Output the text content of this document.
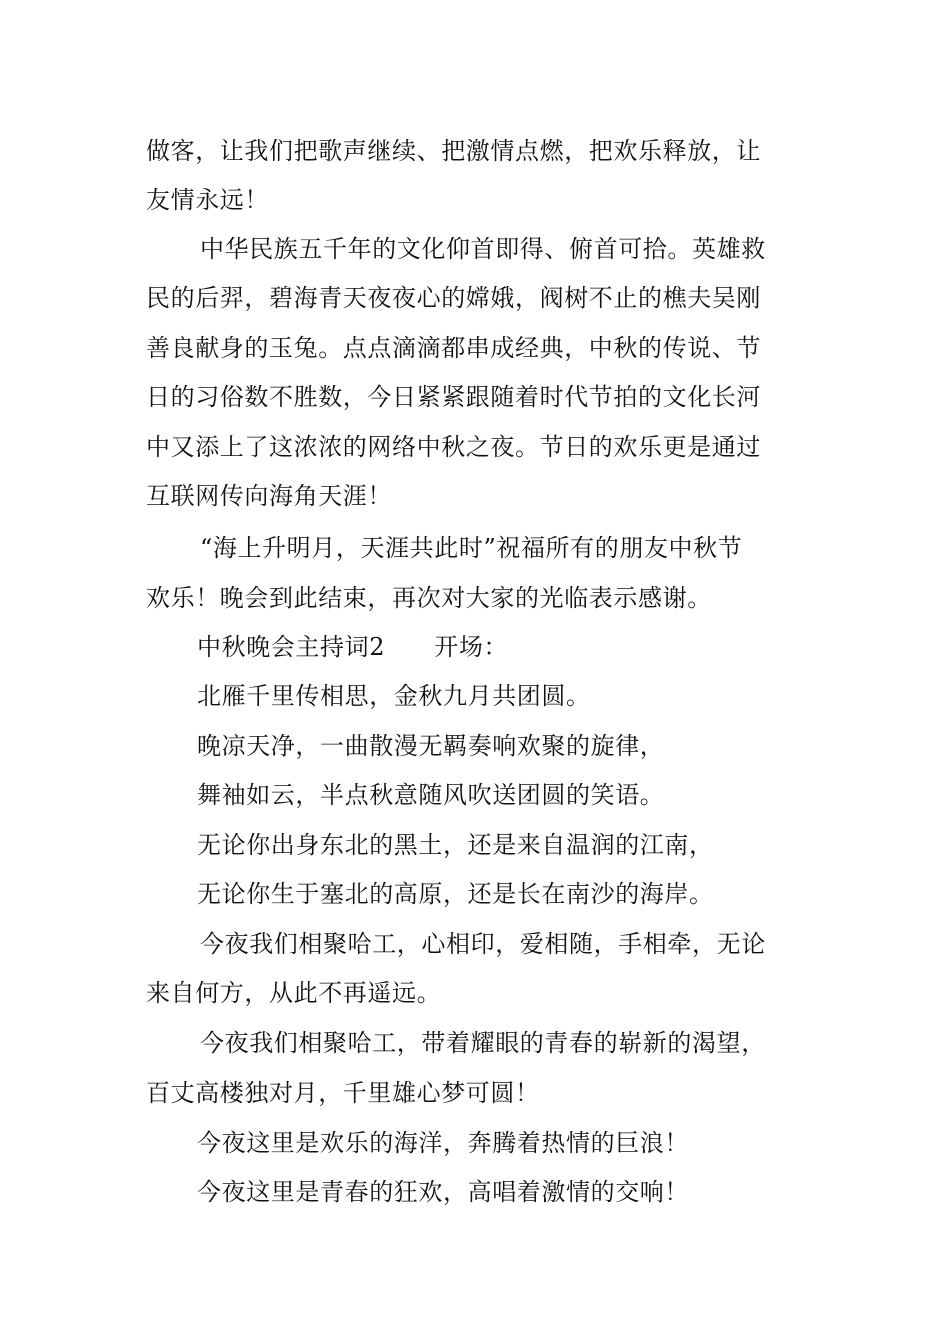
做客，让我们把歌声继续、把激情点燃，把欢乐释放，让
友情永远！
中华民族五千年的文化仰首即得、俯首可拾。英雄救
民的后羿，碧海青天夜夜心的嫦娥，阀树不止的樵夫吴刚
善良献身的玉兔。点点滴滴都串成经典，中秋的传说、节
日的习俗数不胜数，今日紧紧跟随着时代节拍的文化长河
中又添上了这浓浓的网络中秋之夜。节日的欢乐更是通过
互联网传向海角天涯！
“海上升明月，天涯共此时”祝福所有的朋友中秋节
欢乐！晚会到此结束，再次对大家的光临表示感谢。
中秋晚会主持词2　　开场：
北雁千里传相思，金秋九月共团圆。
晚凉天净，一曲散漫无羁奏响欢聚的旋律，
舞袖如云，半点秋意随风吹送团圆的笑语。
无论你出身东北的黑土，还是来自温润的江南，
无论你生于塞北的高原，还是长在南沙的海岸。
今夜我们相聚哈工，心相印，爱相随，手相牵，无论
来自何方，从此不再遥远。
今夜我们相聚哈工，带着耀眼的青春的崭新的渴望，
百丈高楼独对月，千里雄心梦可圆！
今夜这里是欢乐的海洋，奔腾着热情的巨浪！
今夜这里是青春的狂欢，高唱着激情的交响！
